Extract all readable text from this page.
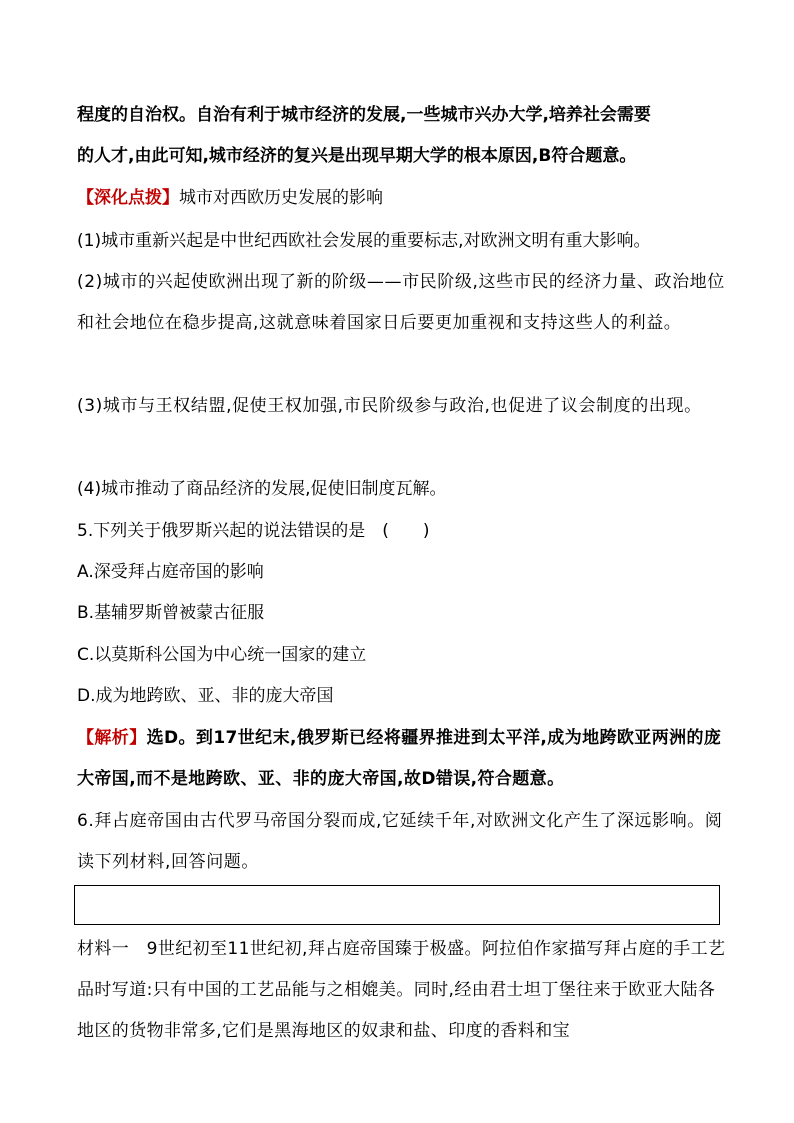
程度的自治权。自治有利于城市经济的发展,一些城市兴办大学,培养社会需要
的人才,由此可知,城市经济的复兴是出现早期大学的根本原因,B符合题意。

【深化点拨】城市对西欧历史发展的影响

(1)城市重新兴起是中世纪西欧社会发展的重要标志,对欧洲文明有重大影响。

(2)城市的兴起使欧洲出现了新的阶级——市民阶级,这些市民的经济力量、政治地位和社会地位在稳步提高,这就意味着国家日后要更加重视和支持这些人的利益。

(3)城市与王权结盟,促使王权加强,市民阶级参与政治,也促进了议会制度的出现。

(4)城市推动了商品经济的发展,促使旧制度瓦解。

5.下列关于俄罗斯兴起的说法错误的是　(　　)

A.深受拜占庭帝国的影响

B.基辅罗斯曾被蒙古征服

C.以莫斯科公国为中心统一国家的建立

D.成为地跨欧、亚、非的庞大帝国

【解析】选D。到17世纪末,俄罗斯已经将疆界推进到太平洋,成为地跨欧亚两洲的庞大帝国,而不是地跨欧、亚、非的庞大帝国,故D错误,符合题意。

6.拜占庭帝国由古代罗马帝国分裂而成,它延续千年,对欧洲文化产生了深远影响。阅读下列材料,回答问题。

材料一　9世纪初至11世纪初,拜占庭帝国臻于极盛。阿拉伯作家描写拜占庭的手工艺品时写道:只有中国的工艺品能与之相媲美。同时,经由君士坦丁堡往来于欧亚大陆各地区的货物非常多,它们是黑海地区的奴隶和盐、印度的香料和宝
